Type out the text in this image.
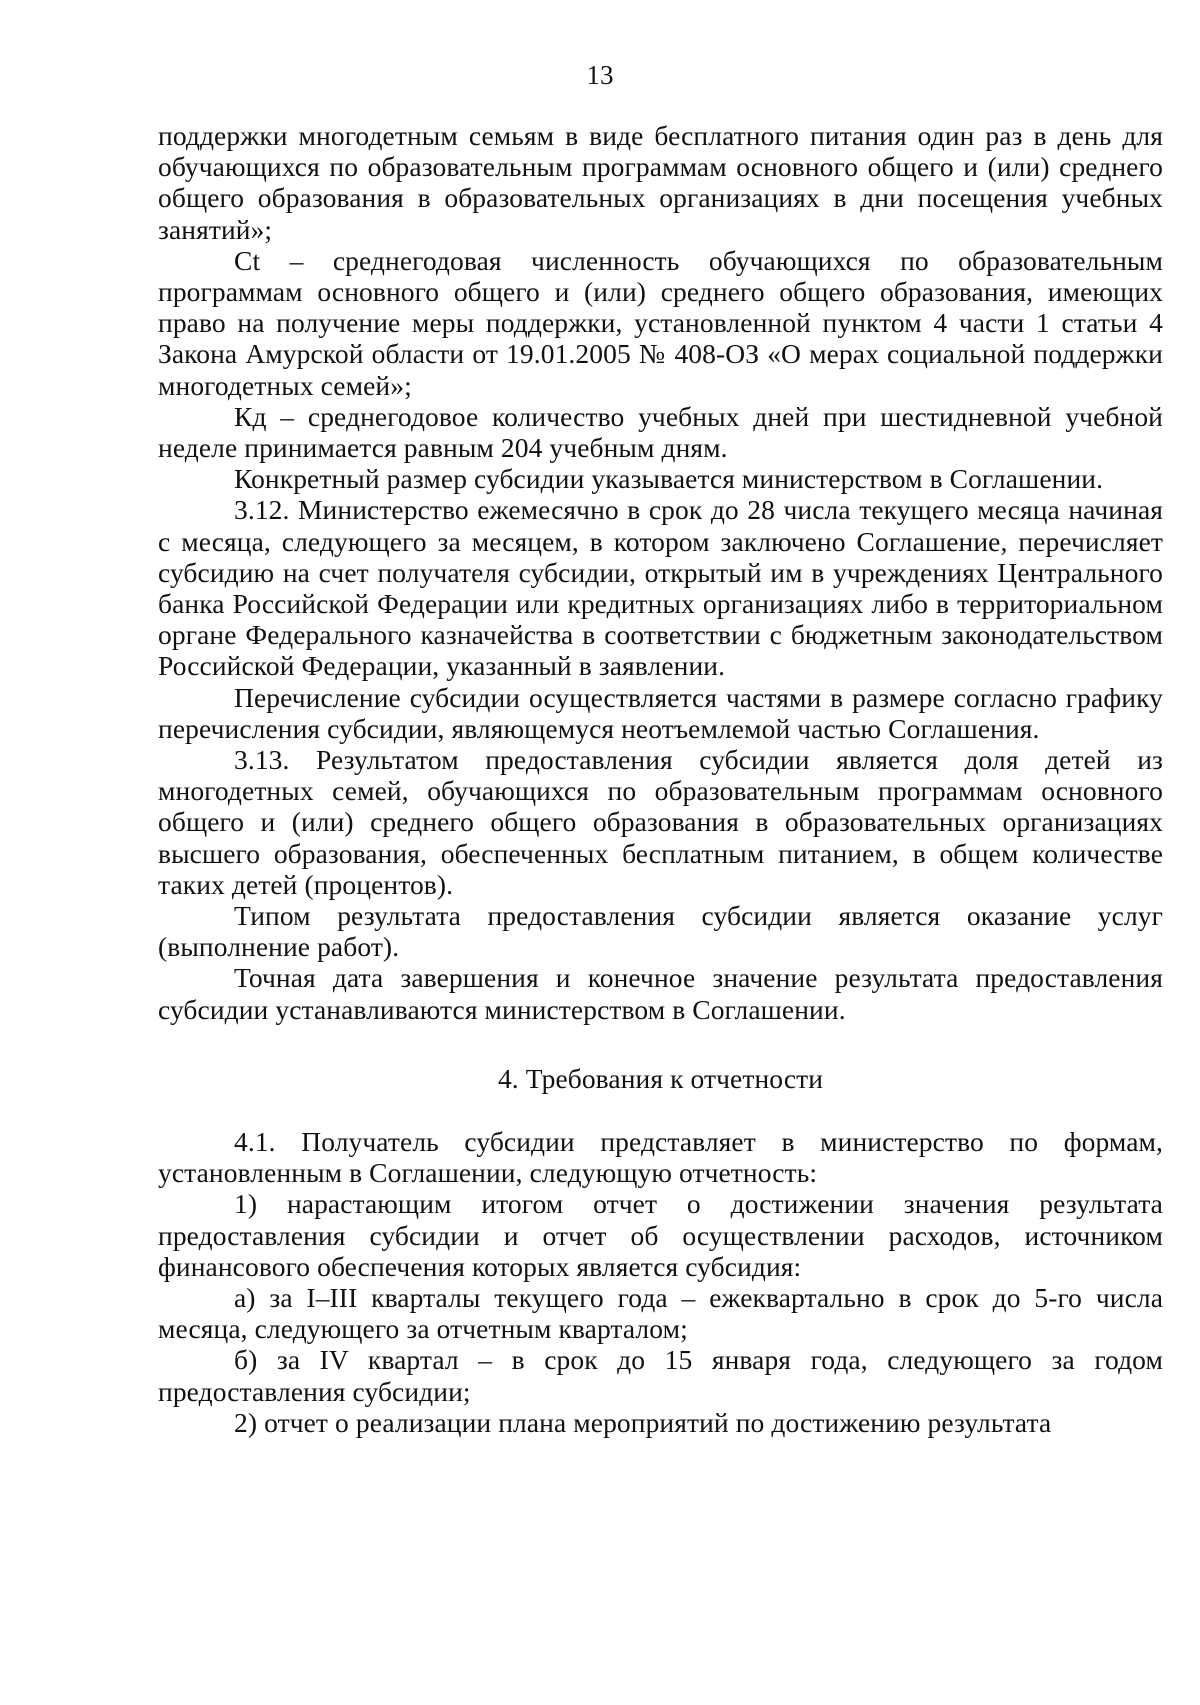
13

поддержки многодетным семьям в виде бесплатного питания один раз в день для обучающихся по образовательным программам основного общего и (или) среднего общего образования в образовательных организациях в дни посещения учебных занятий»;

Ct – среднегодовая численность обучающихся по образовательным программам основного общего и (или) среднего общего образования, имеющих право на получение меры поддержки, установленной пунктом 4 части 1 статьи 4 Закона Амурской области от 19.01.2005 № 408-ОЗ «О мерах социальной поддержки многодетных семей»;

Кд – среднегодовое количество учебных дней при шестидневной учебной неделе принимается равным 204 учебным дням.

Конкретный размер субсидии указывается министерством в Соглашении.

3.12. Министерство ежемесячно в срок до 28 числа текущего месяца начиная с месяца, следующего за месяцем, в котором заключено Соглашение, перечисляет субсидию на счет получателя субсидии, открытый им в учреждениях Центрального банка Российской Федерации или кредитных организациях либо в территориальном органе Федерального казначейства в соответствии с бюджетным законодательством Российской Федерации, указанный в заявлении.

Перечисление субсидии осуществляется частями в размере согласно графику перечисления субсидии, являющемуся неотъемлемой частью Соглашения.

3.13. Результатом предоставления субсидии является доля детей из многодетных семей, обучающихся по образовательным программам основного общего и (или) среднего общего образования в образовательных организациях высшего образования, обеспеченных бесплатным питанием, в общем количестве таких детей (процентов).

Типом результата предоставления субсидии является оказание услуг (выполнение работ).

Точная дата завершения и конечное значение результата предоставления субсидии устанавливаются министерством в Соглашении.

4. Требования к отчетности

4.1. Получатель субсидии представляет в министерство по формам, установленным в Соглашении, следующую отчетность:

1) нарастающим итогом отчет о достижении значения результата предоставления субсидии и отчет об осуществлении расходов, источником финансового обеспечения которых является субсидия:

а) за I–III кварталы текущего года – ежеквартально в срок до 5-го числа месяца, следующего за отчетным кварталом;

б) за IV квартал – в срок до 15 января года, следующего за годом предоставления субсидии;

2) отчет о реализации плана мероприятий по достижению результата
